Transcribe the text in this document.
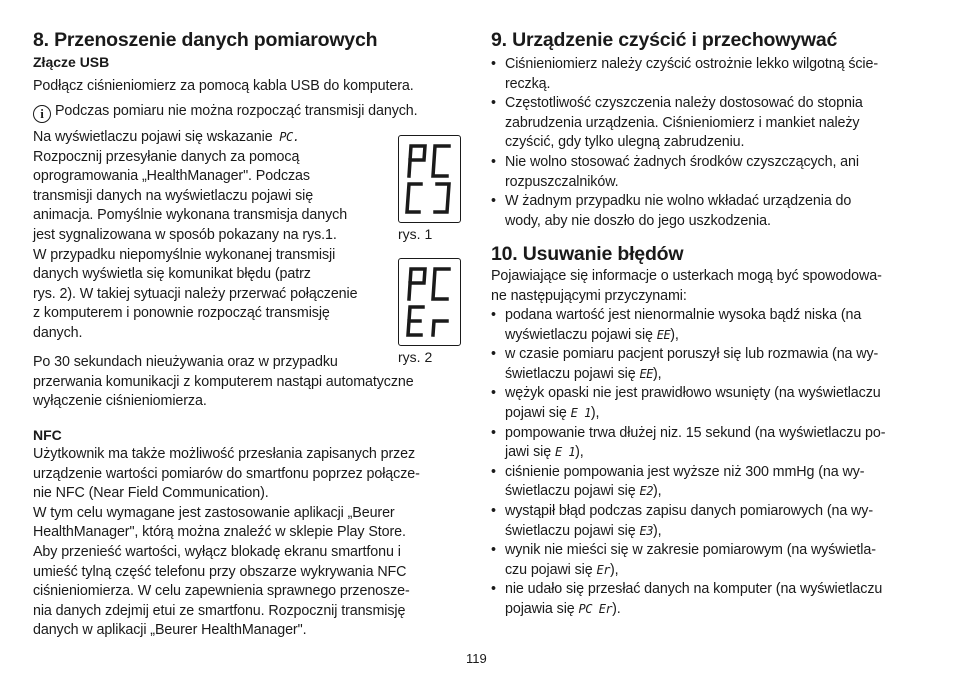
8. Przenoszenie danych pomiarowych
Złącze USB
Podłącz ciśnieniomierz za pomocą kabla USB do komputera.
i Podczas pomiaru nie można rozpocząć transmisji danych.
Na wyświetlaczu pojawi się wskazanie PC.
Rozpocznij przesyłanie danych za pomocą
oprogramowania „HealthManager". Podczas
transmisji danych na wyświetlaczu pojawi się
animacja. Pomyślnie wykonana transmisja danych
jest sygnalizowana w sposób pokazany na rys.1.
W przypadku niepomyślnie wykonanej transmisji
danych wyświetla się komunikat błędu (patrz
rys. 2). W takiej sytuacji należy przerwać połączenie
z komputerem i ponownie rozpocząć transmisję
danych.
Po 30 sekundach nieużywania oraz w przypadku
przerwania komunikacji z komputerem nastąpi automatyczne
wyłączenie ciśnieniomierza.
NFC
Użytkownik ma także możliwość przesłania zapisanych przez
urządzenie wartości pomiarów do smartfonu poprzez połącze-
nie NFC (Near Field Communication).
W tym celu wymagane jest zastosowanie aplikacji „Beurer
HealthManager", którą można znaleźć w sklepie Play Store.
Aby przenieść wartości, wyłącz blokadę ekranu smartfonu i
umieść tylną część telefonu przy obszarze wykrywania NFC
ciśnieniomierza. W celu zapewnienia sprawnego przenosze-
nia danych zdejmij etui ze smartfonu. Rozpocznij transmisję
danych w aplikacji „Beurer HealthManager".
rys. 1
rys. 2
9. Urządzenie czyścić i przechowywać
• Ciśnieniomierz należy czyścić ostrożnie lekko wilgotną ście-
reczką.
• Częstotliwość czyszczenia należy dostosować do stopnia
zabrudzenia urządzenia. Ciśnieniomierz i mankiet należy
czyścić, gdy tylko ulegną zabrudzeniu.
• Nie wolno stosować żadnych środków czyszczących, ani
rozpuszczalników.
• W żadnym przypadku nie wolno wkładać urządzenia do
wody, aby nie doszło do jego uszkodzenia.
10. Usuwanie błędów
Pojawiające się informacje o usterkach mogą być spowodowa-
ne następującymi przyczynami:
• podana wartość jest nienormalnie wysoka bądź niska (na
wyświetlaczu pojawi się EE),
• w czasie pomiaru pacjent poruszył się lub rozmawia (na wy-
świetlaczu pojawi się EE),
• wężyk opaski nie jest prawidłowo wsunięty (na wyświetlaczu
pojawi się E 1),
• pompowanie trwa dłużej niz. 15 sekund (na wyświetlaczu po-
jawi się E 1),
• ciśnienie pompowania jest wyższe niż 300 mmHg (na wy-
świetlaczu pojawi się E2),
• wystąpił błąd podczas zapisu danych pomiarowych (na wy-
świetlaczu pojawi się E3),
• wynik nie mieści się w zakresie pomiarowym (na wyświetla-
czu pojawi się Er),
• nie udało się przesłać danych na komputer (na wyświetlaczu
pojawia się PC Er).
119
